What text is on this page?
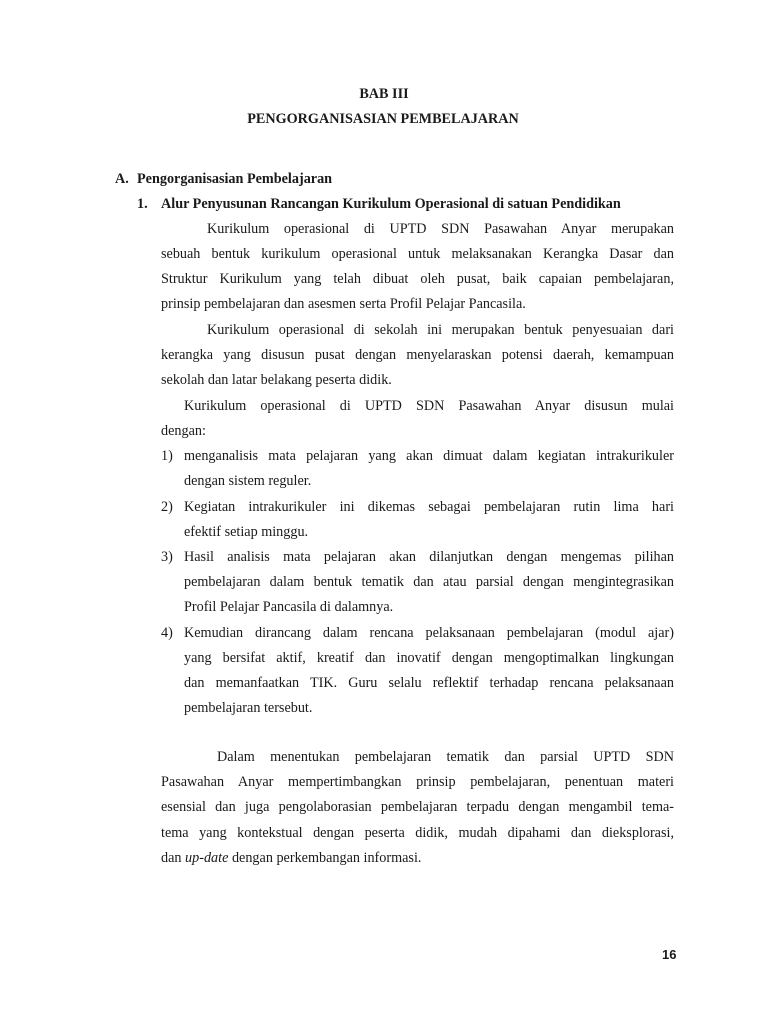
BAB III
PENGORGANISASIAN PEMBELAJARAN
A. Pengorganisasian Pembelajaran
1. Alur Penyusunan Rancangan Kurikulum Operasional di satuan Pendidikan
Kurikulum operasional di UPTD SDN Pasawahan Anyar merupakan
sebuah bentuk kurikulum operasional untuk melaksanakan Kerangka Dasar dan
Struktur Kurikulum yang telah dibuat oleh pusat, baik capaian pembelajaran,
prinsip pembelajaran dan asesmen serta Profil Pelajar Pancasila.
Kurikulum operasional di sekolah ini merupakan bentuk penyesuaian dari
kerangka yang disusun pusat dengan menyelaraskan potensi daerah, kemampuan
sekolah dan latar belakang peserta didik.
Kurikulum operasional di UPTD SDN Pasawahan Anyar disusun mulai
dengan:
1) menganalisis mata pelajaran yang akan dimuat dalam kegiatan intrakurikuler
dengan sistem reguler.
2) Kegiatan intrakurikuler ini dikemas sebagai pembelajaran rutin lima hari
efektif setiap minggu.
3) Hasil analisis mata pelajaran akan dilanjutkan dengan mengemas pilihan
pembelajaran dalam bentuk tematik dan atau parsial dengan mengintegrasikan
Profil Pelajar Pancasila di dalamnya.
4) Kemudian dirancang dalam rencana pelaksanaan pembelajaran (modul ajar)
yang bersifat aktif, kreatif dan inovatif dengan mengoptimalkan lingkungan
dan memanfaatkan TIK. Guru selalu reflektif terhadap rencana pelaksanaan
pembelajaran tersebut.
Dalam menentukan pembelajaran tematik dan parsial UPTD SDN
Pasawahan Anyar mempertimbangkan prinsip pembelajaran, penentuan materi
esensial dan juga pengolaborasian pembelajaran terpadu dengan mengambil tema-
tema yang kontekstual dengan peserta didik, mudah dipahami dan dieksplorasi,
dan up-date dengan perkembangan informasi.
16
